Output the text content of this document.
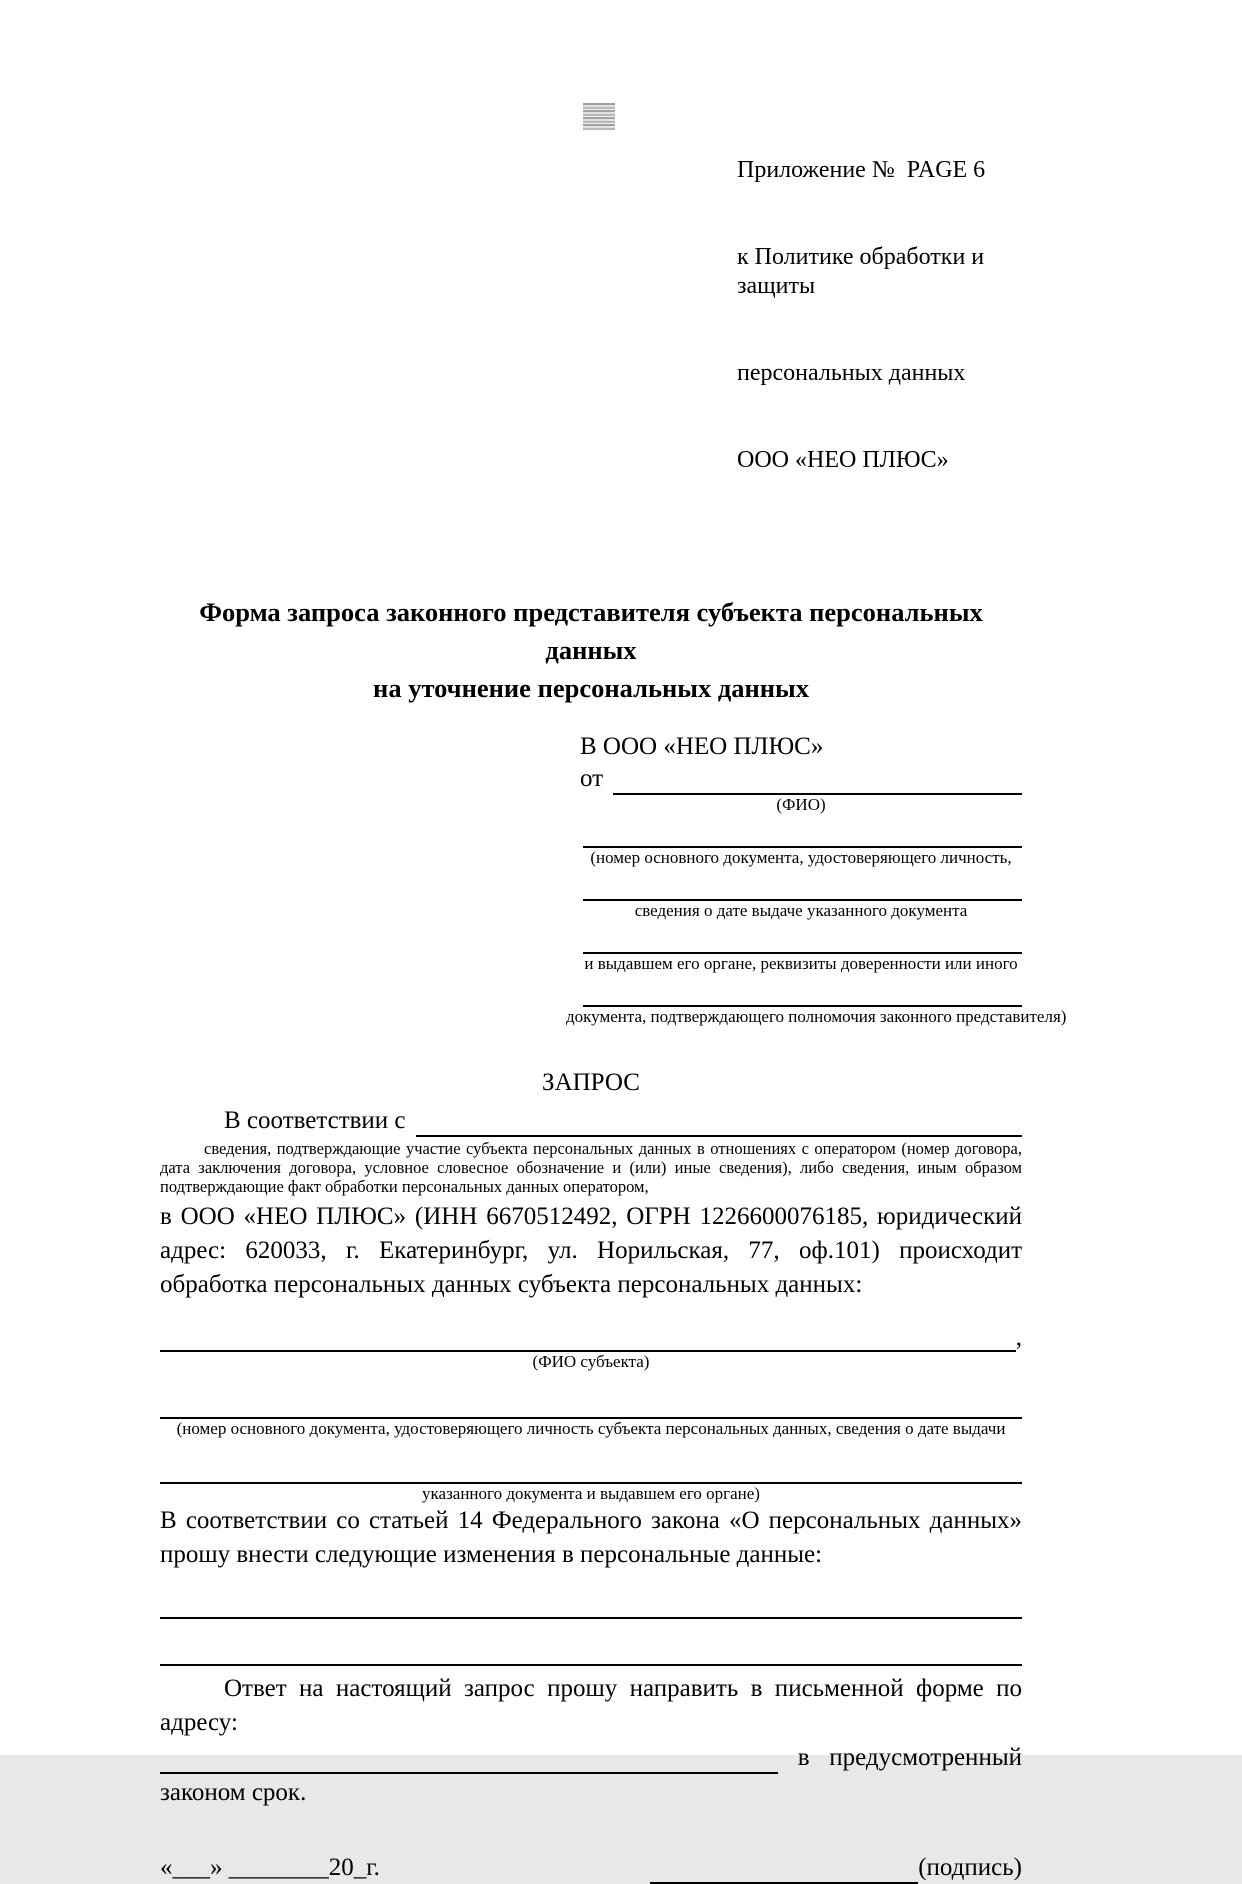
Приложение №  PAGE 6

к Политике обработки и защиты

персональных данных

ООО «НЕО ПЛЮС»

Форма запроса законного представителя субъекта персональных данных
на уточнение персональных данных
В ООО «НЕО ПЛЮС»
от
(ФИО)
(номер основного документа, удостоверяющего личность,
сведения о дате выдаче указанного документа
и выдавшем его органе, реквизиты доверенности или иного
документа, подтверждающего полномочия законного представителя)
ЗАПРОС
В соответствии с

сведения, подтверждающие участие субъекта персональных данных в отношениях с оператором (номер договора, дата заключения договора, условное словесное обозначение и (или) иные сведения), либо сведения, иным образом подтверждающие факт обработки персональных данных оператором,

в ООО «НЕО ПЛЮС» (ИНН 6670512492, ОГРН 1226600076185, юридический адрес: 620033, г. Екатеринбург, ул. Норильская, 77, оф.101) происходит обработка персональных данных субъекта персональных данных:

,
(ФИО субъекта)
(номер основного документа, удостоверяющего личность субъекта персональных данных, сведения о дате выдачи
указанного документа и выдавшем его органе)

В соответствии со статьей 14 Федерального закона «О персональных данных» прошу внести следующие изменения в персональные данные:

Ответ на настоящий запрос прошу направить в письменной форме по адресу:

в предусмотренный
законом срок.
«___» ________20_г.	(подпись)
